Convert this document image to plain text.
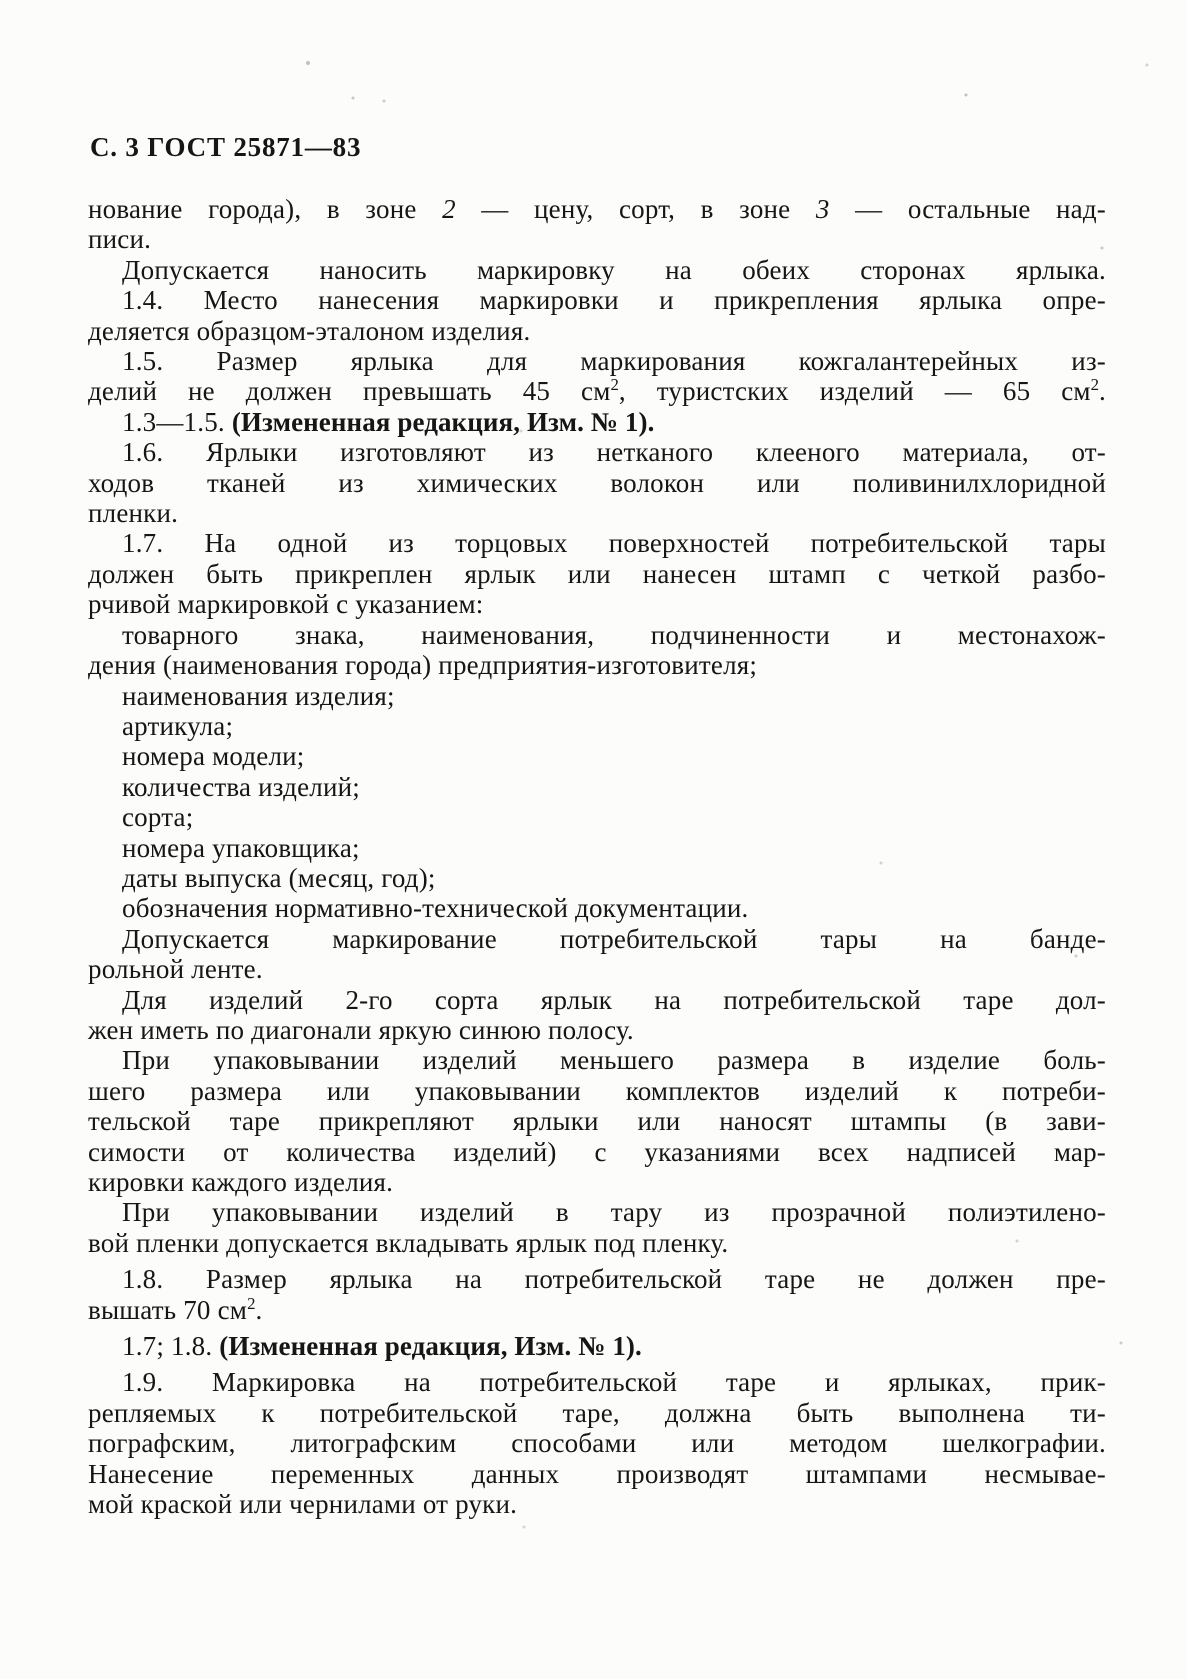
С. 3 ГОСТ 25871—83
нование города), в зоне 2 — цену, сорт, в зоне 3 — остальные над-
писи.
Допускается наносить маркировку на обеих сторонах ярлыка.
1.4. Место нанесения маркировки и прикрепления ярлыка опре-
деляется образцом-эталоном изделия.
1.5. Размер ярлыка для маркирования кожгалантерейных из-
делий не должен превышать 45 $см^2$, туристских изделий — 65 $см^2$.
1.3—1.5. (Измененная редакция, Изм. № 1).
1.6. Ярлыки изготовляют из нетканого клееного материала, от-
ходов тканей из химических волокон или поливинилхлоридной
пленки.
1.7. На одной из торцовых поверхностей потребительской тары
должен быть прикреплен ярлык или нанесен штамп с четкой разбо-
рчивой маркировкой с указанием:
товарного знака, наименования, подчиненности и местонахож-
дения (наименования города) предприятия-изготовителя;
наименования изделия;
артикула;
номера модели;
количества изделий;
сорта;
номера упаковщика;
даты выпуска (месяц, год);
обозначения нормативно-технической документации.
Допускается маркирование потребительской тары на банде-
рольной ленте.
Для изделий 2-го сорта ярлык на потребительской таре дол-
жен иметь по диагонали яркую синюю полосу.
При упаковывании изделий меньшего размера в изделие боль-
шего размера или упаковывании комплектов изделий к потреби-
тельской таре прикрепляют ярлыки или наносят штампы (в зави-
симости от количества изделий) с указаниями всех надписей мар-
кировки каждого изделия.
При упаковывании изделий в тару из прозрачной полиэтилено-
вой пленки допускается вкладывать ярлык под пленку.
1.8. Размер ярлыка на потребительской таре не должен пре-
вышать 70 $см^2$.
1.7; 1.8. (Измененная редакция, Изм. № 1).
1.9. Маркировка на потребительской таре и ярлыках, прик-
репляемых к потребительской таре, должна быть выполнена ти-
пографским, литографским способами или методом шелкографии.
Нанесение переменных данных производят штампами несмывае-
мой краской или чернилами от руки.
